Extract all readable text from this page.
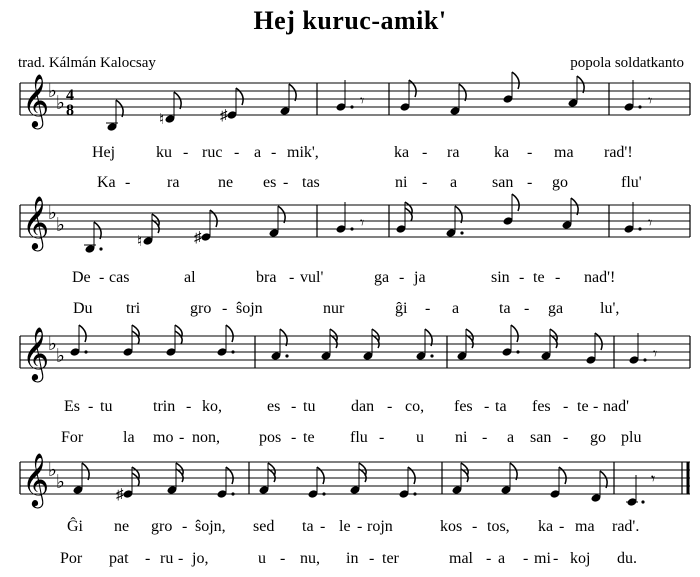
Hej kuruc-amik'
trad. Kálmán Kalocsay	popola soldatkanto
𝄞
♭
♭ 4
8
♮	♯
𝄾	𝄾
Hej	ku - ruc - a - mik',	ka - ra ka - ma rad'!
Ka - ra ne es - tas	ni - a san - go	flu'
𝄞
♭
♭
♮	♯
𝄾	𝄾
De - cas	al	bra - vul'	ga - ja	sin - te - nad'!
Du tri	gro - ŝojn	nur	ĝi - a ta - ga lu',
𝄞
♭
♭	𝄾
Es - tu	trin - ko,	es - tu dan - co, fes - ta fes - te - nad'
For la mo - non, pos - te flu - u ni - a san - go plu
𝄞
♭
♭
♯
𝄾
Ĝi ne gro - ŝojn, sed ta - le - rojn	kos - tos, ka - ma rad'.
Por pat - ru - jo,	u - nu, in - ter	mal - a - mi - koj du.
